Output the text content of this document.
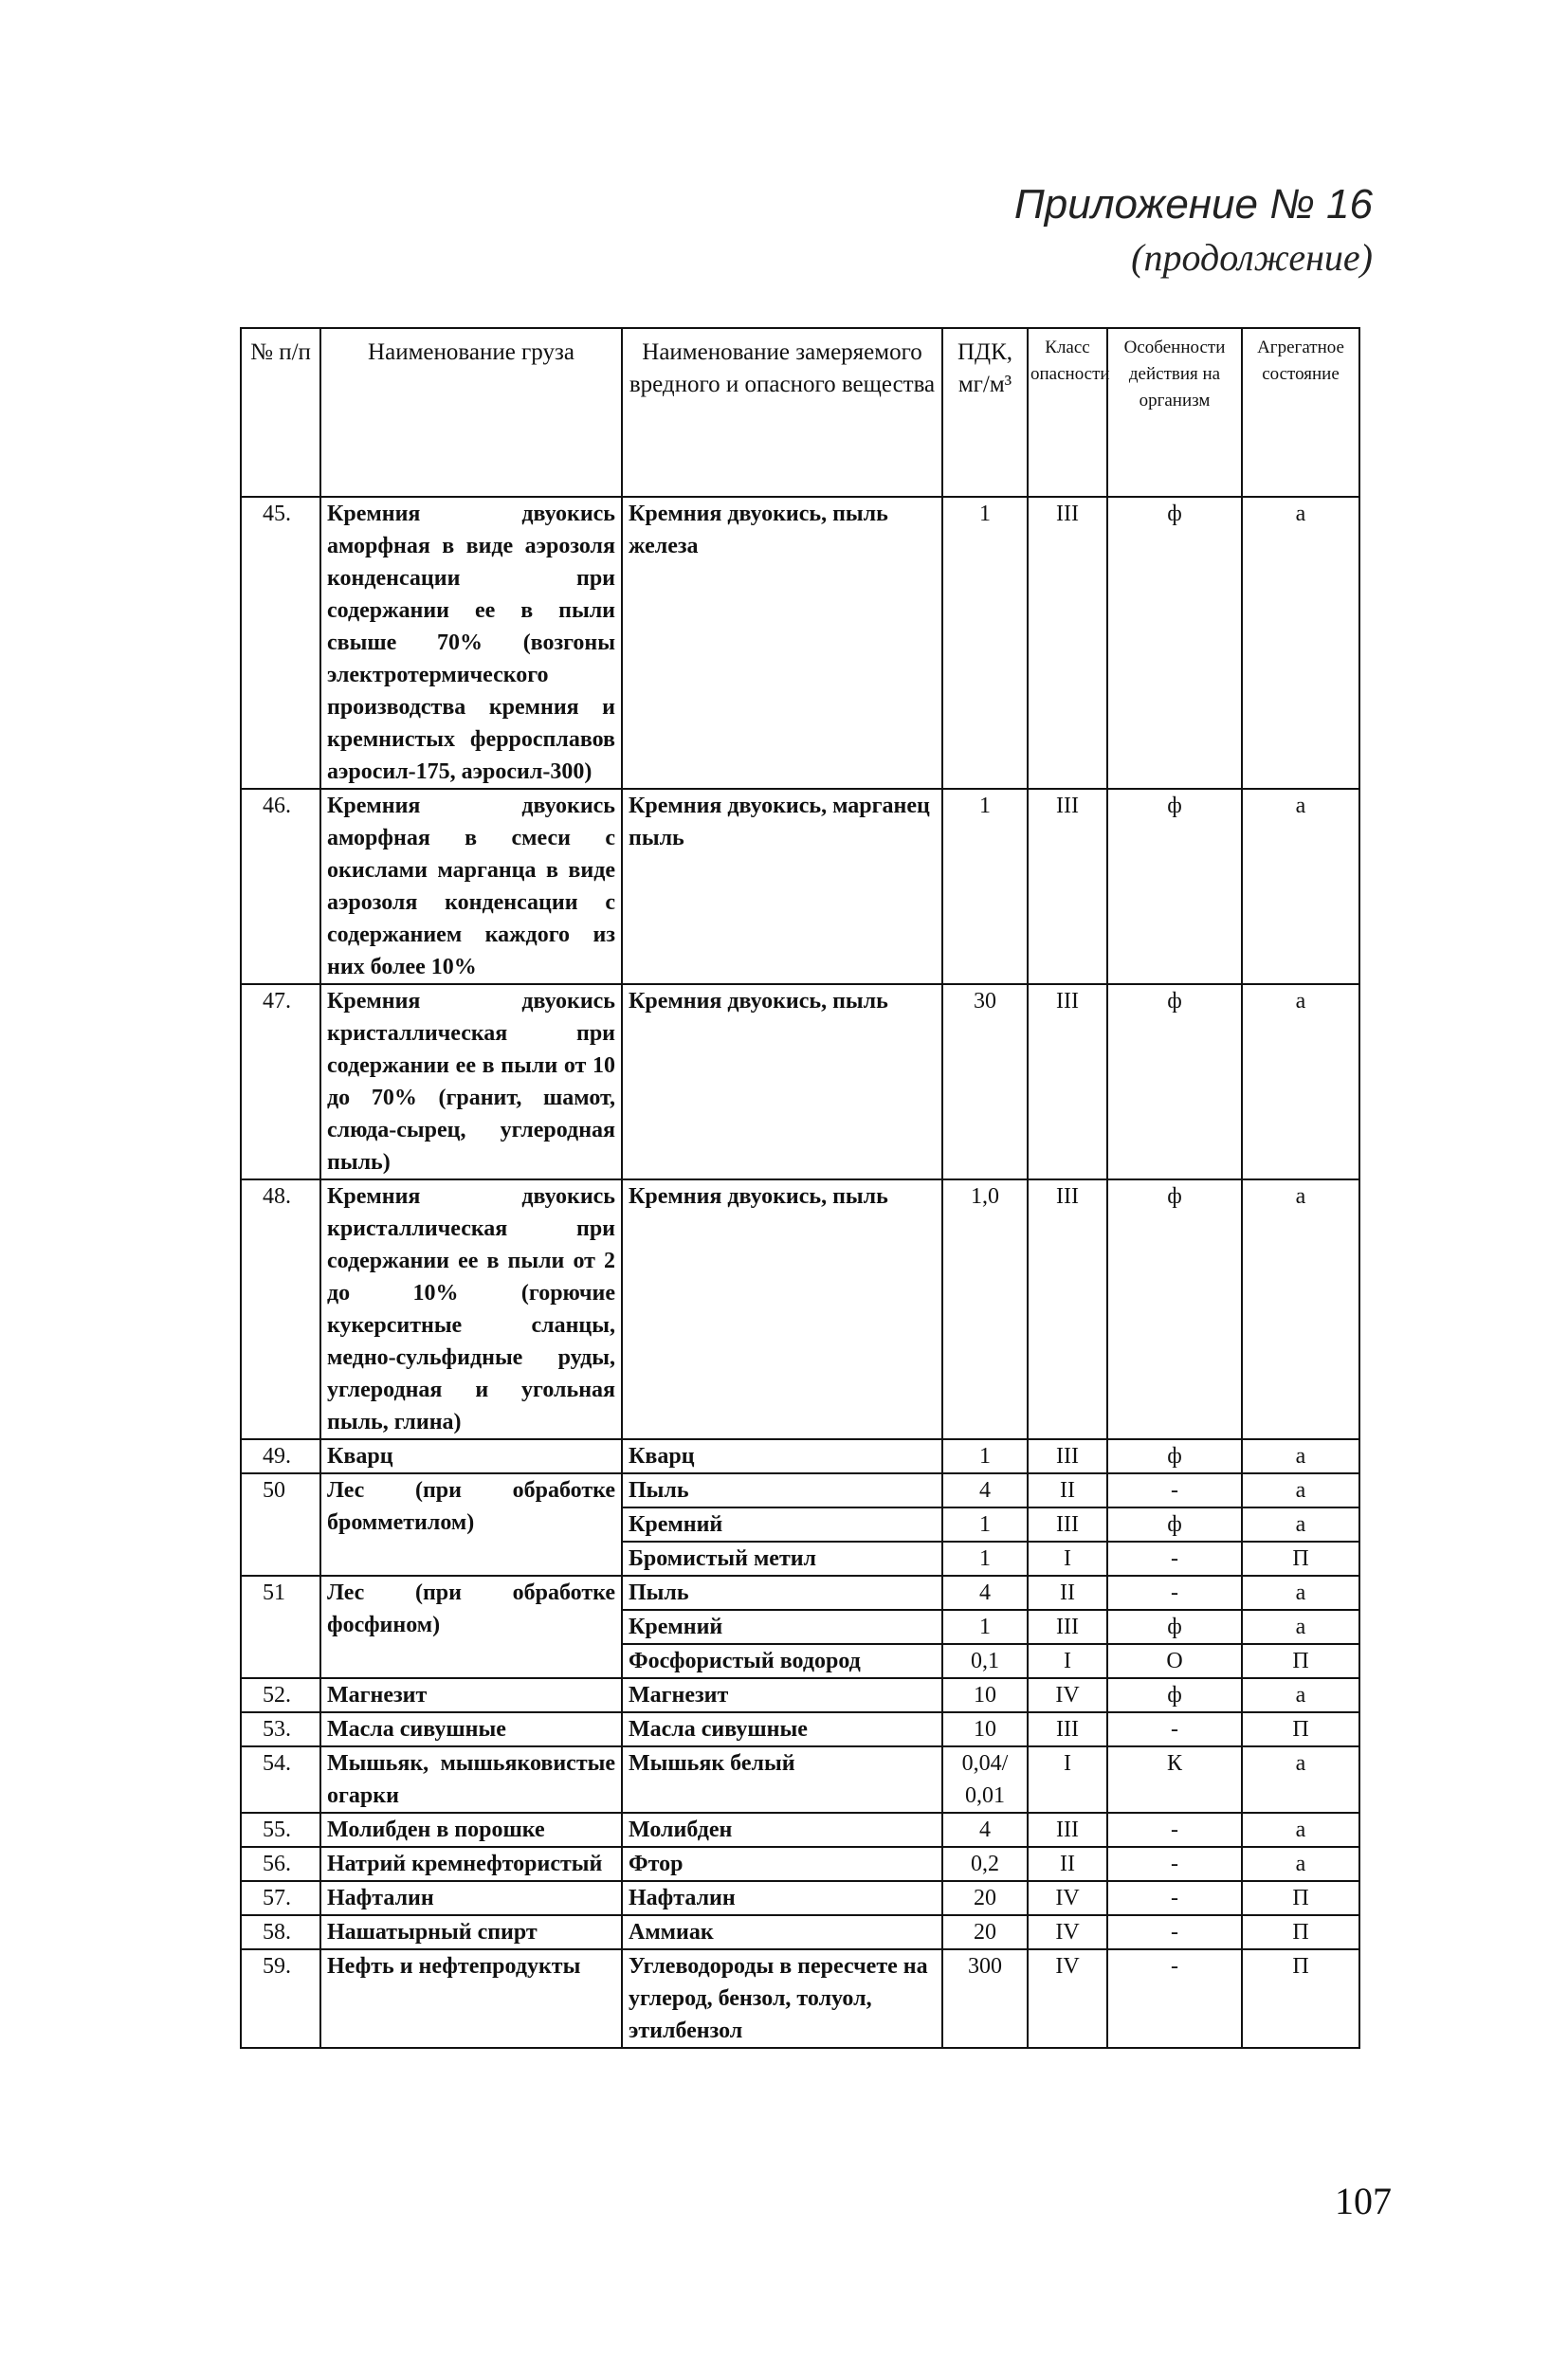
Приложение № 16
(продолжение)
№ п/п	Наименование груза	Наименование замеряемого вредного и опасного вещества	ПДК, мг/м³	Класс опасности	Особенности действия на организм	Агрегатное состояние
45.	Кремния двуокись аморфная в виде аэрозоля конденсации при содержании ее в пыли свыше 70% (возгоны электротермического производства кремния и кремнистых ферросплавов аэросил-175, аэросил-300)	Кремния двуокись, пыль железа	1	III	ф	а
46.	Кремния двуокись аморфная в смеси с окислами марганца в виде аэрозоля конденсации с содержанием каждого из них более 10%	Кремния двуокись, марганец пыль	1	III	ф	а
47.	Кремния двуокись кристаллическая при содержании ее в пыли от 10 до 70% (гранит, шамот, слюда-сырец, углеродная пыль)	Кремния двуокись, пыль	30	III	ф	а
48.	Кремния двуокись кристаллическая при содержании ее в пыли от 2 до 10% (горючие кукерситные сланцы, медно-сульфидные руды, углеродная и угольная пыль, глина)	Кремния двуокись, пыль	1,0	III	ф	а
49.	Кварц	Кварц	1	III	ф	а
50	Лес (при обработке бромметилом)	Пыль	4	II	-	а
		Кремний	1	III	ф	а
		Бромистый метил	1	I	-	П
51	Лес (при обработке фосфином)	Пыль	4	II	-	а
		Кремний	1	III	ф	а
		Фосфористый водород	0,1	I	О	П
52.	Магнезит	Магнезит	10	IV	ф	а
53.	Масла сивушные	Масла сивушные	10	III	-	П
54.	Мышьяк, мышьяковистые огарки	Мышьяк белый	0,04/ 0,01	I	К	а
55.	Молибден в порошке	Молибден	4	III	-	а
56.	Натрий кремнефтористый	Фтор	0,2	II	-	а
57.	Нафталин	Нафталин	20	IV	-	П
58.	Нашатырный спирт	Аммиак	20	IV	-	П
59.	Нефть и нефтепродукты	Углеводороды в пересчете на углерод, бензол, толуол, этилбензол	300	IV	-	П
107
